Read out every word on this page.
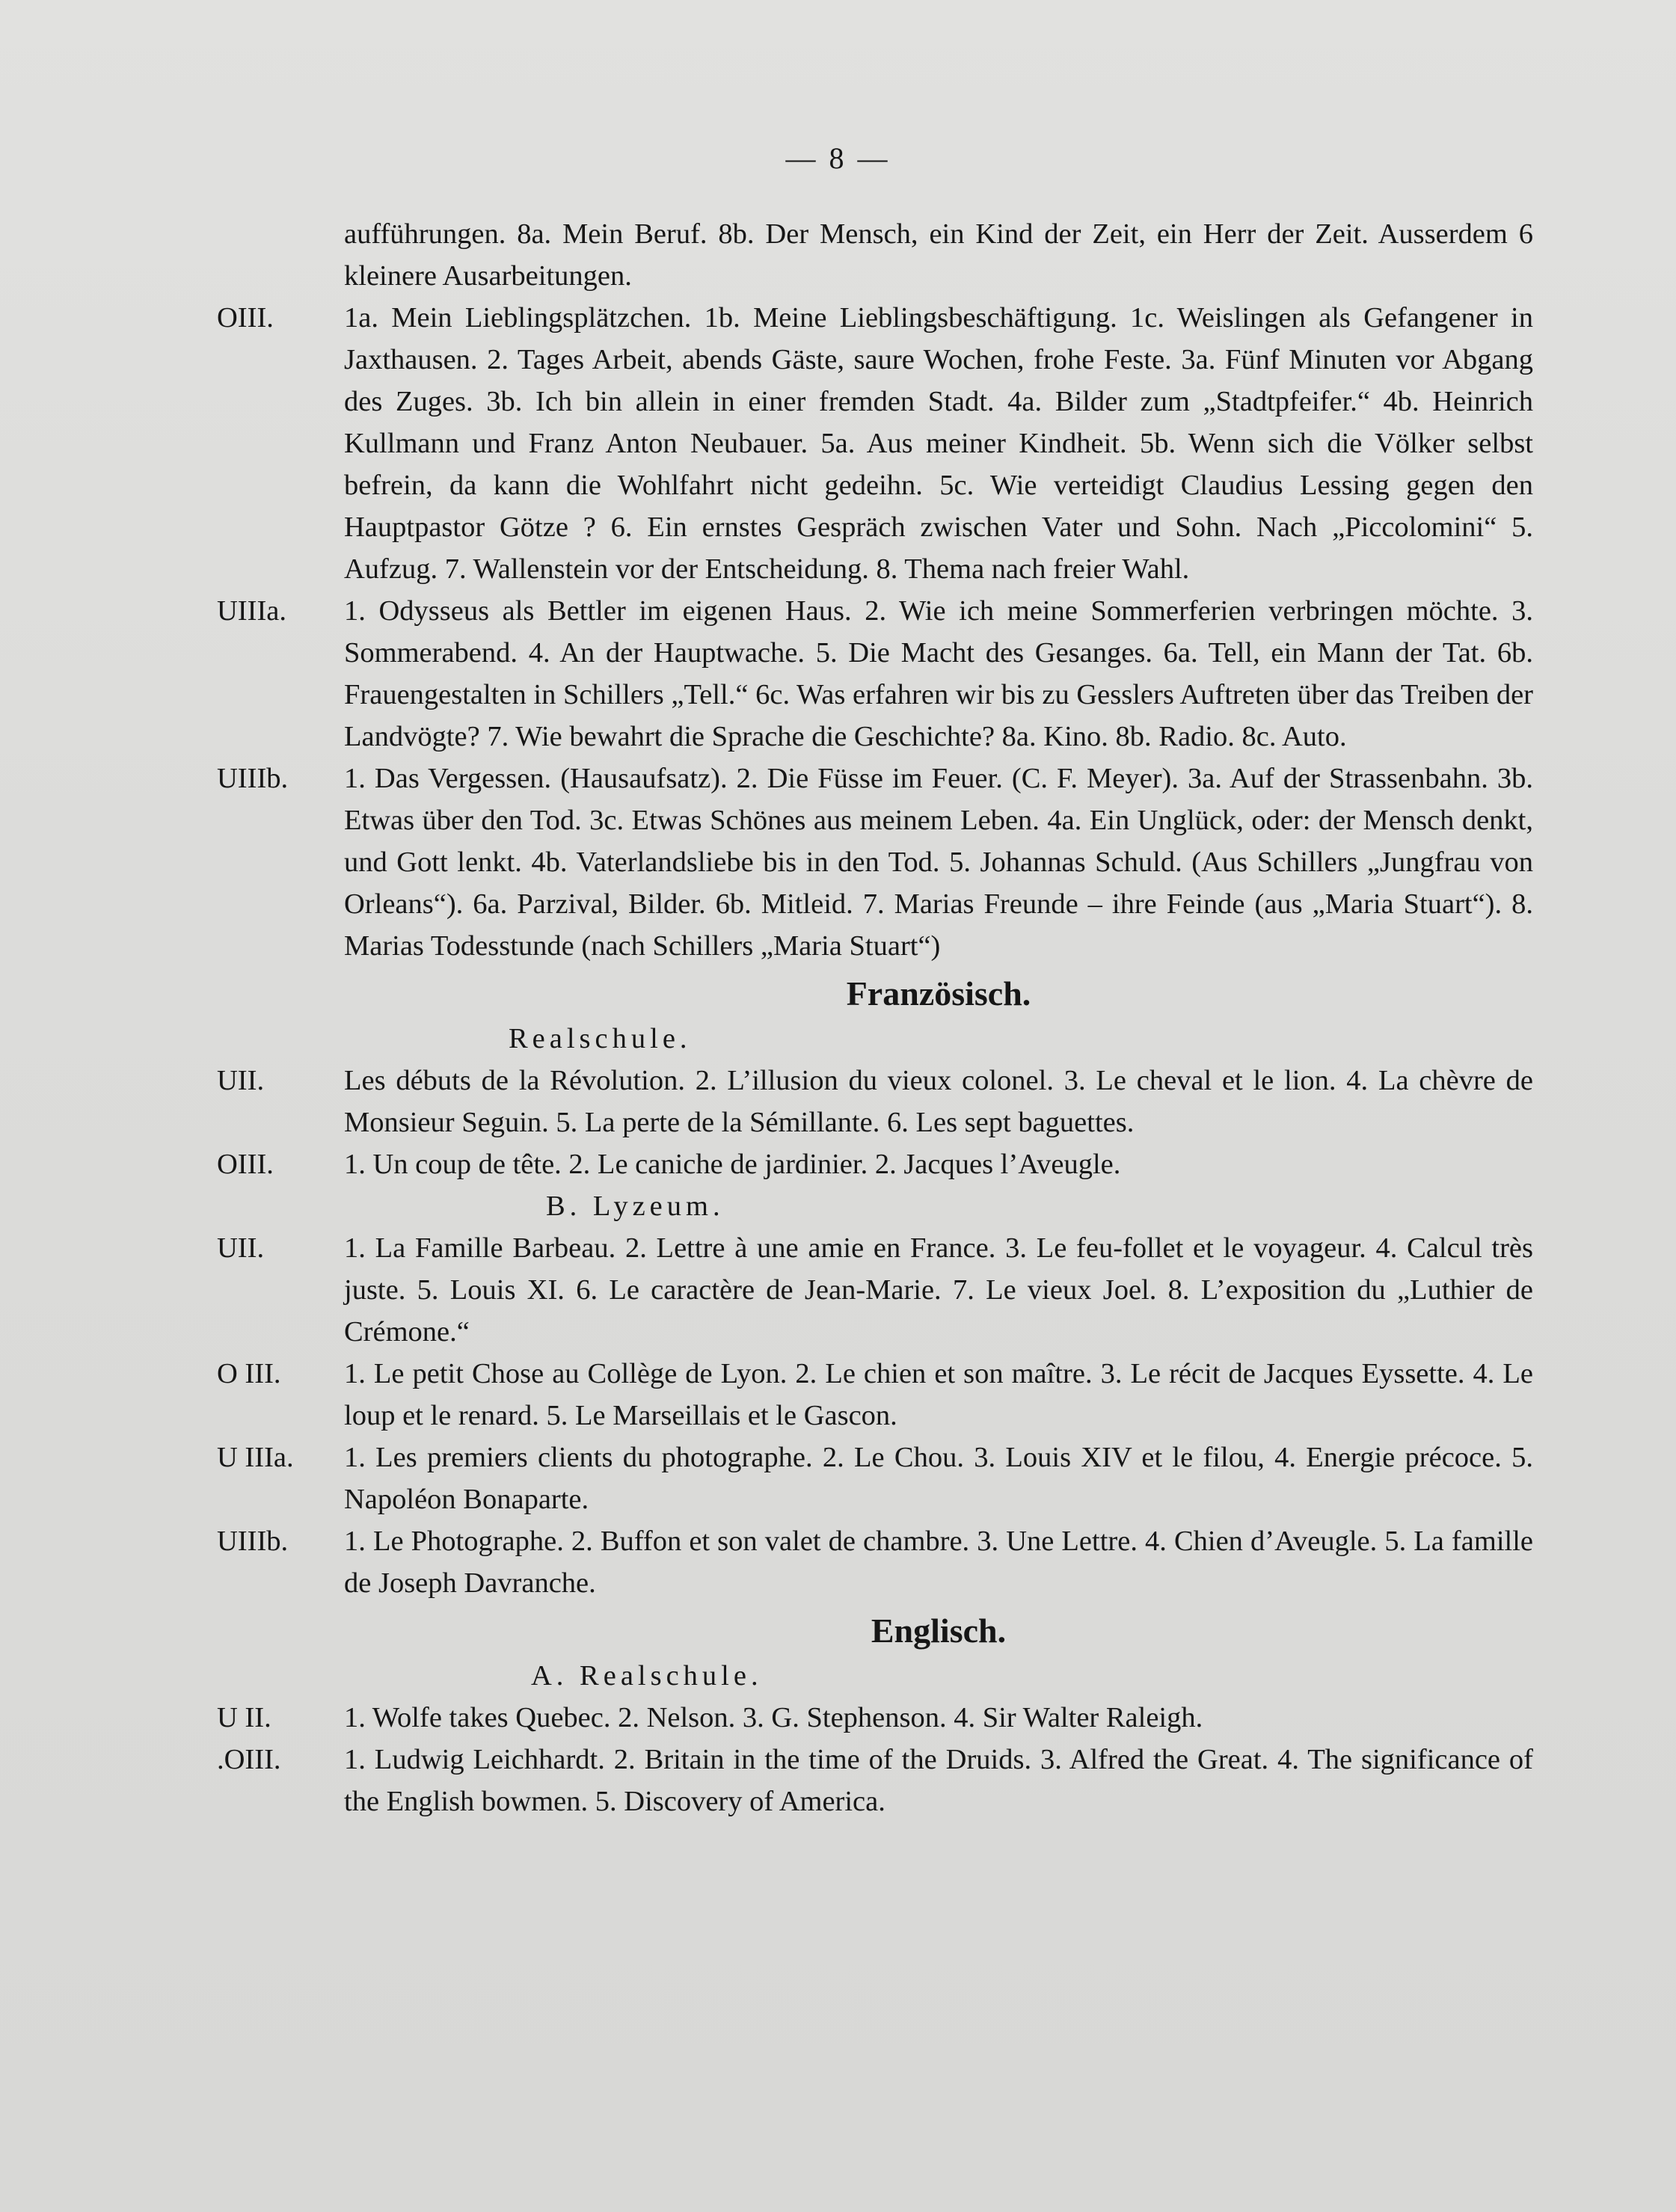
— 8 —
aufführungen. 8a. Mein Beruf. 8b. Der Mensch, ein Kind der Zeit, ein Herr der Zeit. Ausserdem 6 kleinere Ausarbeitungen.
OIII.	1a. Mein Lieblingsplätzchen. 1b. Meine Lieblingsbeschäftigung. 1c. Weislingen als Gefangener in Jaxthausen. 2. Tages Arbeit, abends Gäste, saure Wochen, frohe Feste. 3a. Fünf Minuten vor Abgang des Zuges. 3b. Ich bin allein in einer fremden Stadt. 4a. Bilder zum „Stadtpfeifer.“ 4b. Heinrich Kullmann und Franz Anton Neubauer. 5a. Aus meiner Kindheit. 5b. Wenn sich die Völker selbst befrein, da kann die Wohlfahrt nicht gedeihn. 5c. Wie verteidigt Claudius Lessing gegen den Hauptpastor Götze ? 6. Ein ernstes Gespräch zwischen Vater und Sohn. Nach „Piccolomini“ 5. Aufzug. 7. Wallenstein vor der Entscheidung. 8. Thema nach freier Wahl.
UIIIa.	1. Odysseus als Bettler im eigenen Haus. 2. Wie ich meine Sommerferien verbringen möchte. 3. Sommerabend. 4. An der Hauptwache. 5. Die Macht des Gesanges. 6a. Tell, ein Mann der Tat. 6b. Frauengestalten in Schillers „Tell.“ 6c. Was erfahren wir bis zu Gesslers Auftreten über das Treiben der Landvögte? 7. Wie bewahrt die Sprache die Geschichte? 8a. Kino. 8b. Radio. 8c. Auto.
UIIIb.	1. Das Vergessen. (Hausaufsatz). 2. Die Füsse im Feuer. (C. F. Meyer). 3a. Auf der Strassenbahn. 3b. Etwas über den Tod. 3c. Etwas Schönes aus meinem Leben. 4a. Ein Unglück, oder: der Mensch denkt, und Gott lenkt. 4b. Vaterlandsliebe bis in den Tod. 5. Johannas Schuld. (Aus Schillers „Jungfrau von Orleans“). 6a. Parzival, Bilder. 6b. Mitleid. 7. Marias Freunde – ihre Feinde (aus „Maria Stuart“). 8. Marias Todesstunde (nach Schillers „Maria Stuart“)
Französisch.
Realschule.
UII.	Les débuts de la Révolution. 2. L’illusion du vieux colonel. 3. Le cheval et le lion. 4. La chèvre de Monsieur Seguin. 5. La perte de la Sémillante. 6. Les sept baguettes.
OIII.	1. Un coup de tête. 2. Le caniche de jardinier. 2. Jacques l’Aveugle.
B. Lyzeum.
UII.	1. La Famille Barbeau. 2. Lettre à une amie en France. 3. Le feu-follet et le voyageur. 4. Calcul très juste. 5. Louis XI. 6. Le caractère de Jean-Marie. 7. Le vieux Joel. 8. L’exposition du „Luthier de Crémone.“
O III.	1. Le petit Chose au Collège de Lyon. 2. Le chien et son maître. 3. Le récit de Jacques Eyssette. 4. Le loup et le renard. 5. Le Marseillais et le Gascon.
U IIIa.	1. Les premiers clients du photographe. 2. Le Chou. 3. Louis XIV et le filou, 4. Energie précoce. 5. Napoléon Bonaparte.
UIIIb.	1. Le Photographe. 2. Buffon et son valet de chambre. 3. Une Lettre. 4. Chien d’Aveugle. 5. La famille de Joseph Davranche.
Englisch.
A. Realschule.
U II.	1. Wolfe takes Quebec. 2. Nelson. 3. G. Stephenson. 4. Sir Walter Raleigh.
.OIII.	1. Ludwig Leichhardt. 2. Britain in the time of the Druids. 3. Alfred the Great. 4. The significance of the English bowmen. 5. Discovery of America.
